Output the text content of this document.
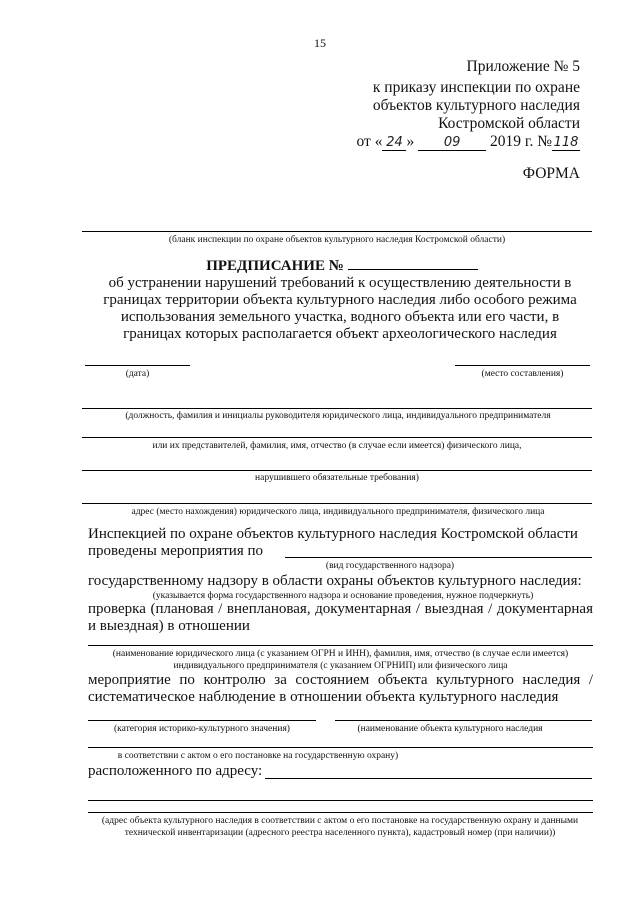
15
Приложение № 5
к приказу инспекции по охране
объектов культурного наследия
Костромской области
от « 24 » 09 2019 г. № 118
ФОРМА
(бланк инспекции по охране объектов культурного наследия Костромской области)
ПРЕДПИСАНИЕ №
об устранении нарушений требований к осуществлению деятельности в границах территории объекта культурного наследия либо особого режима использования земельного участка, водного объекта или его части, в границах которых располагается объект археологического наследия
(дата)	(место составления)
(должность, фамилия и инициалы руководителя юридического лица, индивидуального предпринимателя
или их представителей, фамилия, имя, отчество (в случае если имеется) физического лица,
нарушившего обязательные требования)
адрес (место нахождения) юридического лица, индивидуального предпринимателя, физического лица
Инспекцией по охране объектов культурного наследия Костромской области
проведены мероприятия по
(вид государственного надзора)
государственному надзору в области охраны объектов культурного наследия:
(указывается форма государственного надзора и основание проведения, нужное подчеркнуть)
проверка (плановая / внеплановая, документарная / выездная / документарная и выездная) в отношении
(наименование юридического лица (с указанием ОГРН и ИНН), фамилия, имя, отчество (в случае если имеется) индивидуального предпринимателя (с указанием ОГРНИП) или физического лица
мероприятие по контролю за состоянием объекта культурного наследия / систематическое наблюдение в отношении объекта культурного наследия
(категория историко-культурного значения)	(наименование объекта культурного наследия
в соответствии с актом о его постановке на государственную охрану)
расположенного по адресу:
(адрес объекта культурного наследия в соответствии с актом о его постановке на государственную охрану и данными технической инвентаризации (адресного реестра населенного пункта), кадастровый номер (при наличии))
